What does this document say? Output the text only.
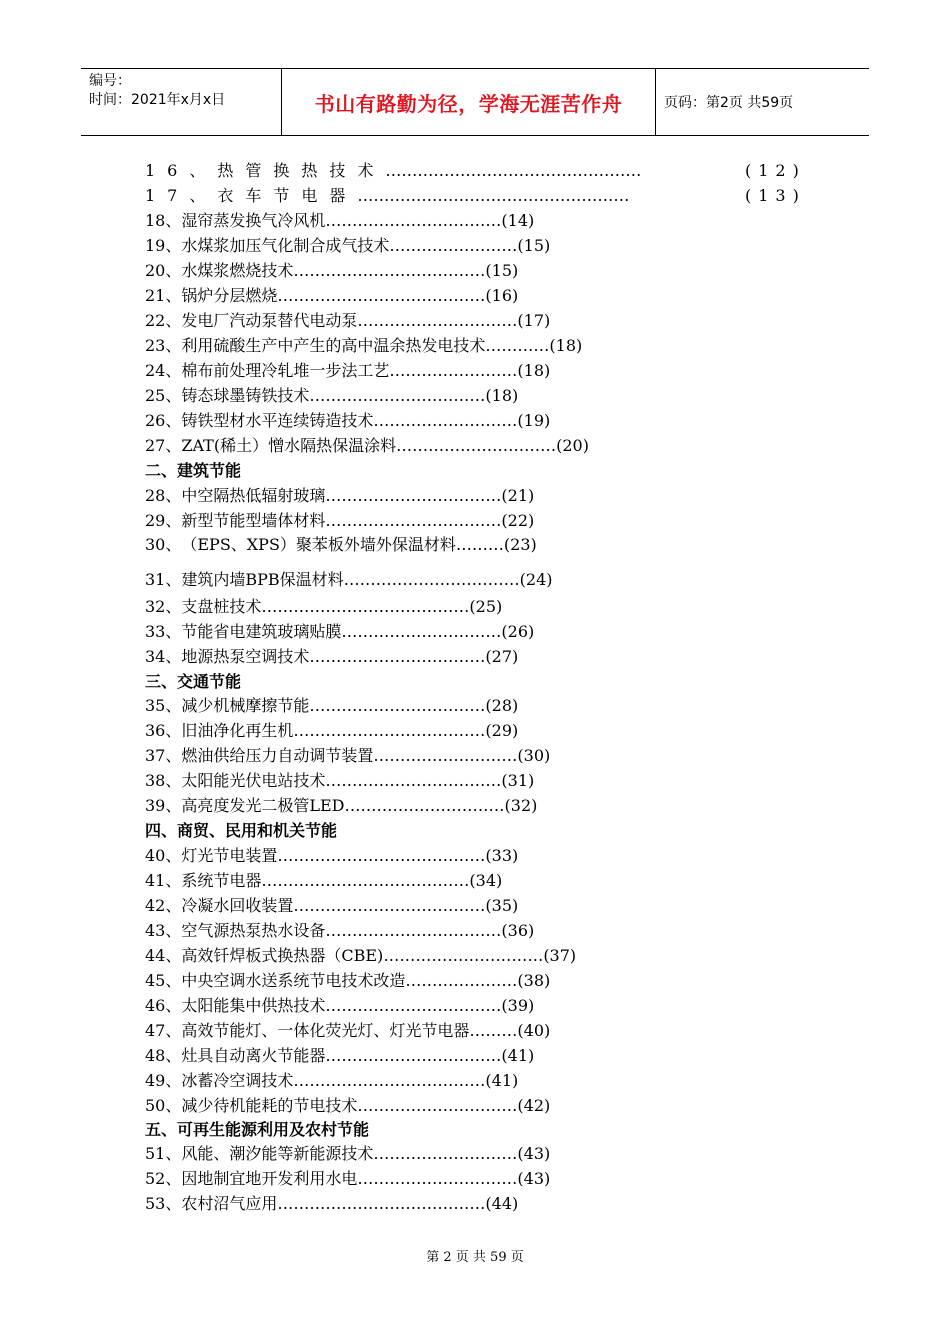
编号：
时间：2021年x月x日	书山有路勤为径，学海无涯苦作舟	页码：第2页 共59页
16、 热管换热技术 …………………………………………	(12)
17、 衣车节电器 ……………………………………………	(13)
18、 湿帘蒸发换气冷风机 …………………………… (14)
19、 水煤浆加压气化制合成气技术 …………………… (15)
20、 水煤浆燃烧技术 ……………………………… (15)
21、 锅炉分层燃烧 ………………………………… (16)
22、 发电厂汽动泵替代电动泵 ………………………… (17)
23、 利用硫酸生产中产生的高中温余热发电技术 ………… (18)
24、 棉布前处理冷轧堆一步法工艺 …………………… (18)
25、 铸态球墨铸铁技术 …………………………… (18)
26、 铸铁型材水平连续铸造技术 ……………………… (19)
27、 ZAT(稀土）憎水隔热保温涂料 ………………………… (20)
二、建筑节能
28、 中空隔热低辐射玻璃 …………………………… (21)
29、 新型节能型墙体材料 …………………………… (22)
30、 （EPS、XPS）聚苯板外墙外保温材料 ……… (23)
31、 建筑内墙BPB保温材料 …………………………… (24)
32、 支盘桩技术 ………………………………… (25)
33、 节能省电建筑玻璃贴膜 ………………………… (26)
34、 地源热泵空调技术 …………………………… (27)
三、交通节能
35、 减少机械摩擦节能 …………………………… (28)
36、 旧油净化再生机 ……………………………… (29)
37、 燃油供给压力自动调节装置 ……………………… (30)
38、 太阳能光伏电站技术 …………………………… (31)
39、 高亮度发光二极管LED ………………………… (32)
四、商贸、民用和机关节能
40、 灯光节电装置 ………………………………… (33)
41、 系统节电器 ………………………………… (34)
42、 冷凝水回收装置 ……………………………… (35)
43、 空气源热泵热水设备 …………………………… (36)
44、 高效钎焊板式换热器（CBE) ………………………… (37)
45、 中央空调水送系统节电技术改造 ………………… (38)
46、 太阳能集中供热技术 …………………………… (39)
47、 高效节能灯、一体化荧光灯、灯光节电器 ……… (40)
48、 灶具自动离火节能器 …………………………… (41)
49、 冰蓄冷空调技术 ……………………………… (41)
50、 减少待机能耗的节电技术 ………………………… (42)
五、可再生能源利用及农村节能
51、 风能、潮汐能等新能源技术 ……………………… (43)
52、 因地制宜地开发利用水电 ………………………… (43)
53、 农村沼气应用 ………………………………… (44)
第 2 页 共 59 页
